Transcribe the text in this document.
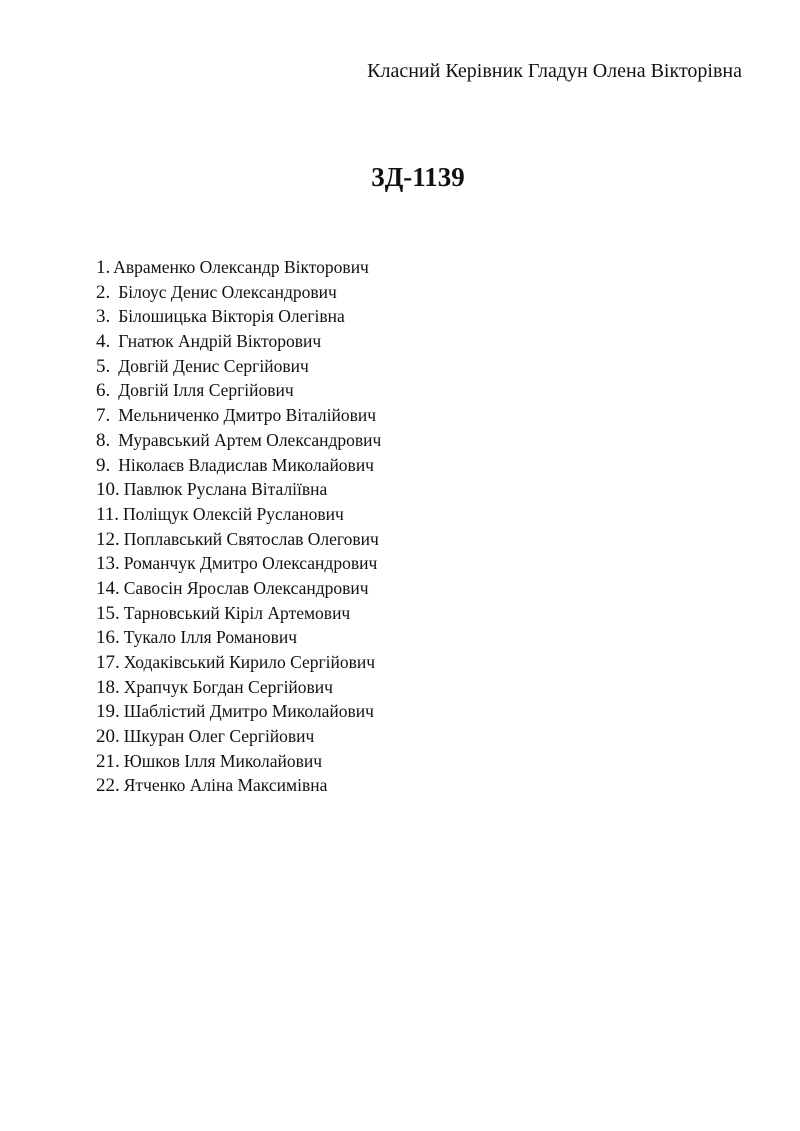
Класний Керівник Гладун Олена Вікторівна
3Д-1139
1. Авраменко Олександр Вікторович
2. Білоус Денис Олександрович
3. Білошицька Вікторія Олегівна
4. Гнатюк Андрій Вікторович
5. Довгій Денис Сергійович
6. Довгій Ілля Сергійович
7. Мельниченко Дмитро Віталійович
8. Муравський Артем Олександрович
9. Ніколаєв Владислав Миколайович
10. Павлюк Руслана Віталіївна
11. Поліщук Олексій Русланович
12. Поплавський Святослав Олегович
13. Романчук Дмитро Олександрович
14. Савосін Ярослав Олександрович
15. Тарновський Кіріл Артемович
16. Тукало Ілля Романович
17. Ходаківський Кирило Сергійович
18. Храпчук Богдан Сергійович
19. Шаблістий Дмитро Миколайович
20. Шкуран Олег Сергійович
21. Юшков Ілля Миколайович
22. Ятченко Аліна Максимівна
